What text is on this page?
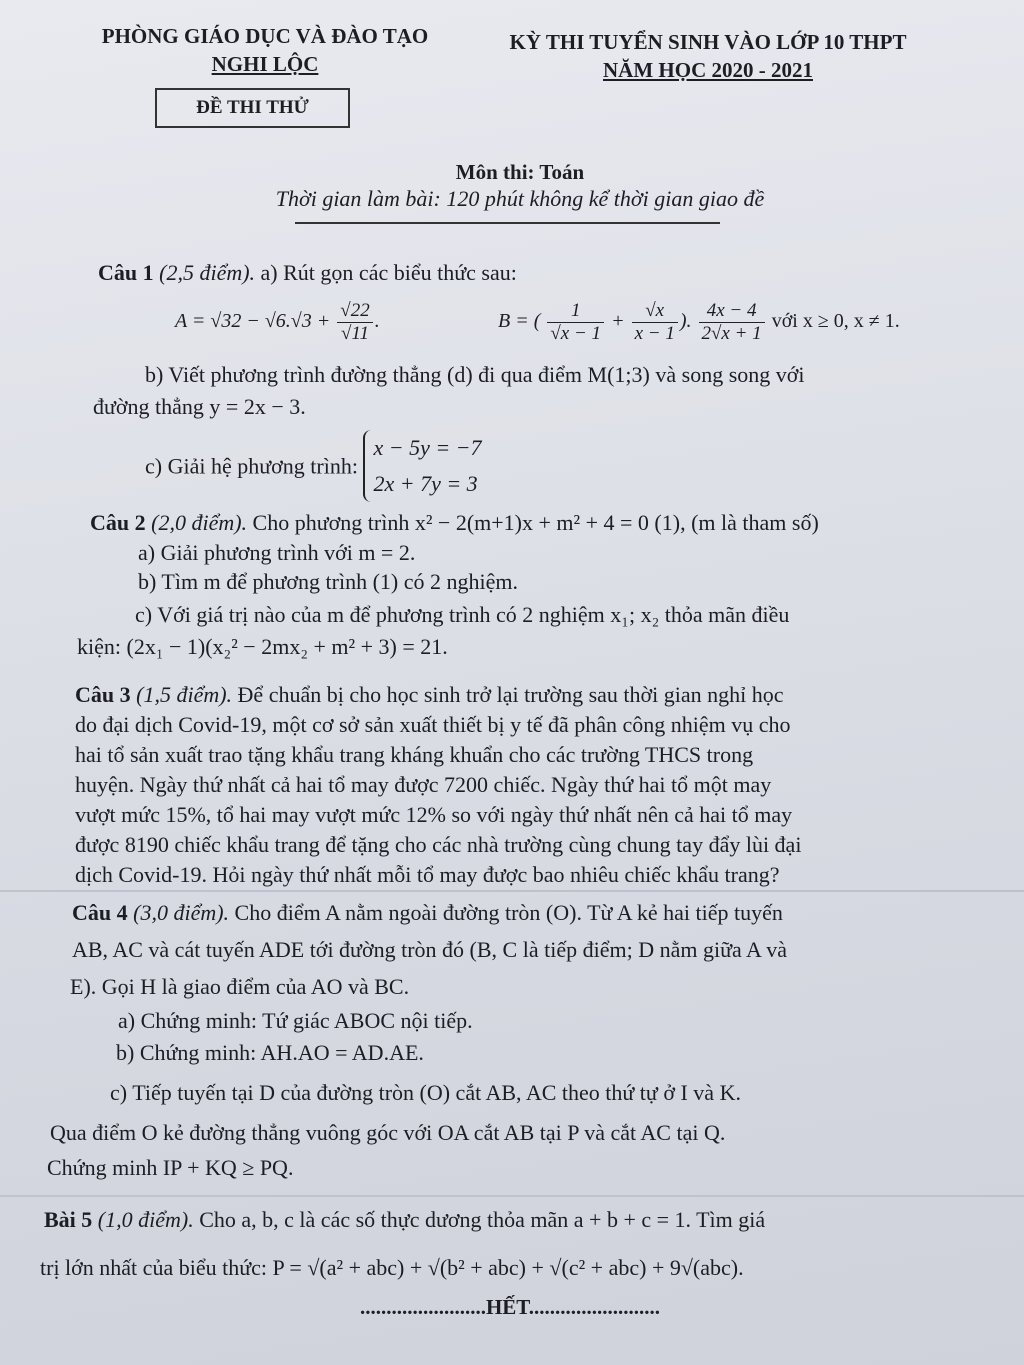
PHÒNG GIÁO DỤC VÀ ĐÀO TẠO
NGHI LỘC
ĐỀ THI THỬ
KỲ THI TUYỂN SINH VÀO LỚP 10 THPT
NĂM HỌC 2020 - 2021
Môn thi: Toán
Thời gian làm bài: 120 phút không kể thời gian giao đề
Câu 1 (2,5 điểm). a) Rút gọn các biểu thức sau:
$A = √32 - √6.√3 + \frac{√22}{√11}$ .	B = ( $\frac{1}{√x - 1} + \frac{√x}{x - 1}$ ). $\frac{4x - 4}{2√x + 1}$ với x ≥ 0, x ≠ 1.
b) Viết phương trình đường thẳng (d) đi qua điểm M(1;3) và song song với
đường thẳng y = 2x − 3.
c) Giải hệ phương trình:
x − 5y = −7
2x + 7y = 3
Câu 2 (2,0 điểm). Cho phương trình x² − 2(m+1)x + m² + 4 = 0 (1), (m là tham số)
a) Giải phương trình với m = 2.
b) Tìm m để phương trình (1) có 2 nghiệm.
c) Với giá trị nào của m để phương trình có 2 nghiệm x₁; x₂ thỏa mãn điều
kiện: (2x₁ − 1)(x₂² − 2mx₂ + m² + 3) = 21.
Câu 3 (1,5 điểm). Để chuẩn bị cho học sinh trở lại trường sau thời gian nghỉ học
do đại dịch Covid-19, một cơ sở sản xuất thiết bị y tế đã phân công nhiệm vụ cho
hai tổ sản xuất trao tặng khẩu trang kháng khuẩn cho các trường THCS trong
huyện. Ngày thứ nhất cả hai tổ may được 7200 chiếc. Ngày thứ hai tổ một may
vượt mức 15%, tổ hai may vượt mức 12% so với ngày thứ nhất nên cả hai tổ may
được 8190 chiếc khẩu trang để tặng cho các nhà trường cùng chung tay đẩy lùi đại
dịch Covid-19. Hỏi ngày thứ nhất mỗi tổ may được bao nhiêu chiếc khẩu trang?
Câu 4 (3,0 điểm). Cho điểm A nằm ngoài đường tròn (O). Từ A kẻ hai tiếp tuyến
AB, AC và cát tuyến ADE tới đường tròn đó (B, C là tiếp điểm; D nằm giữa A và
E). Gọi H là giao điểm của AO và BC.
a) Chứng minh: Tứ giác ABOC nội tiếp.
b) Chứng minh: AH.AO = AD.AE.
c) Tiếp tuyến tại D của đường tròn (O) cắt AB, AC theo thứ tự ở I và K.
Qua điểm O kẻ đường thẳng vuông góc với OA cắt AB tại P và cắt AC tại Q.
Chứng minh IP + KQ ≥ PQ.
Bài 5 (1,0 điểm). Cho a, b, c là các số thực dương thỏa mãn a + b + c = 1. Tìm giá
trị lớn nhất của biểu thức: P = √(a² + abc) + √(b² + abc) + √(c² + abc) + 9√(abc).
........................HẾT.........................
